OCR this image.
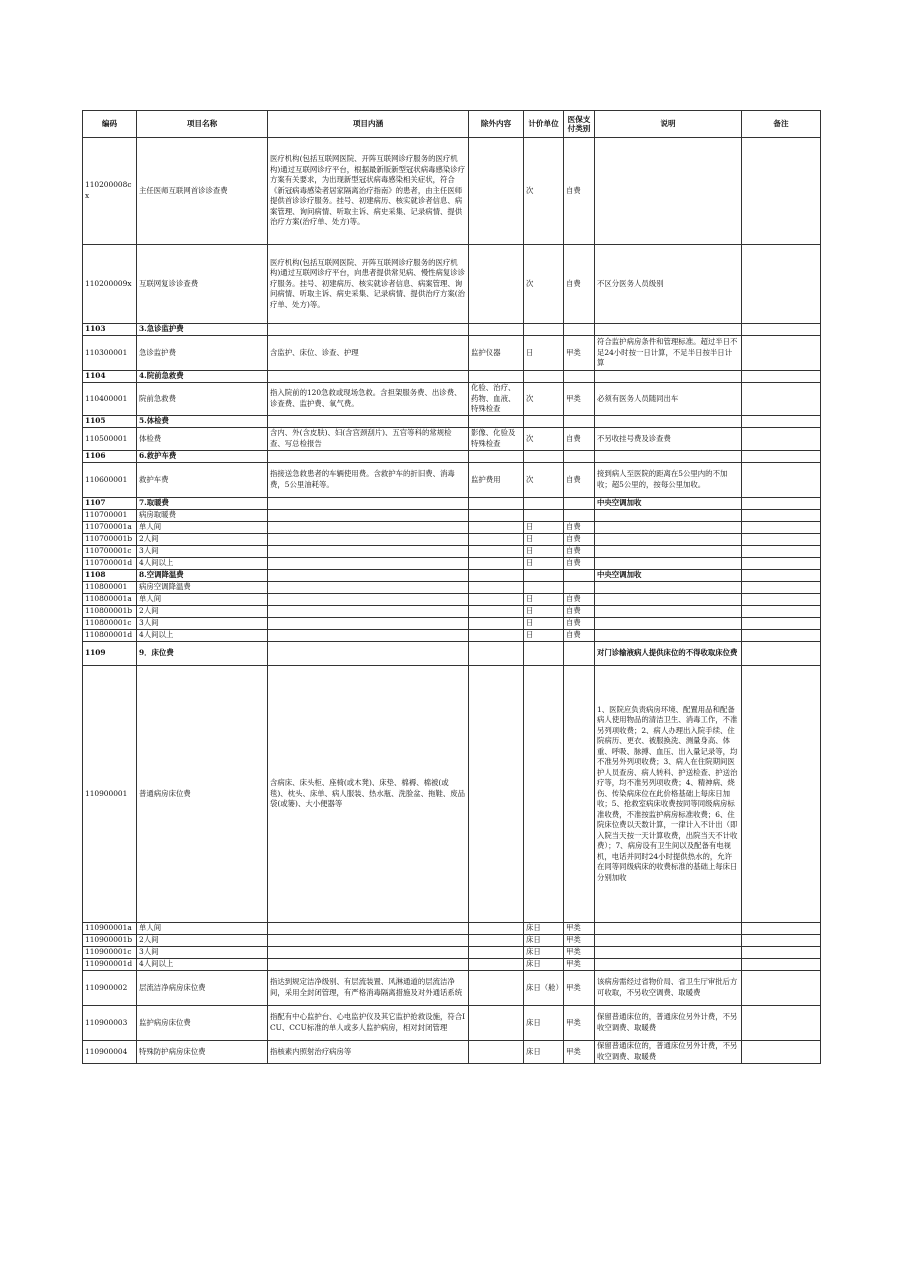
编码	项目名称	项目内涵	除外内容	计价单位	医保支付类别	说明	备注
110200008cx	主任医师互联网首诊诊查费	医疗机构(包括互联网医院、开阵互联网诊疗服务的医疗机构)通过互联网诊疗平台，根据最新版新型冠状病毒感染诊疗方案有关要求，为出现新型冠状病毒感染相关症状，符合《新冠病毒感染者居家隔离治疗指南》的患者，由主任医师提供首诊诊疗服务。挂号、初建病历、核实就诊者信息、病案管理、询问病情、听取主诉、病史采集、记录病情、提供治疗方案(治疗单、处方)等。		次	自费		
110200009x	互联网复诊诊查费	医疗机构(包括互联网医院、开阵互联网诊疗服务的医疗机构)通过互联网诊疗平台，向患者提供常见病、慢性病复诊诊疗服务。挂号、初建病历、核实就诊者信息、病案管理、询问病情、听取主诉、病史采集、记录病情、提供治疗方案(治疗单、处方)等。		次	自费	不区分医务人员级别	
1103	3.急诊监护费						
110300001	急诊监护费	含监护、床位、诊查、护理	监护仪器	日	甲类	符合监护病房条件和管理标准。超过半日不足24小时按一日计算，不足半日按半日计算	
1104	4.院前急救费						
110400001	院前急救费	指入院前的120急救或现场急救。含担架服务费、出诊费、诊查费、监护费、氧气费。	化验、治疗、药物、血液、特殊检查	次	甲类	必须有医务人员随同出车	
1105	5.体检费						
110500001	体检费	含内、外(含皮肤)、妇(含宫颈刮片)、五官等科的常规检查、写总检报告	影像、化验及特殊检查	次	自费	不另收挂号费及诊查费	
1106	6.救护车费						
110600001	救护车费	指接送急救患者的车辆使用费。含救护车的折旧费、消毒费，5公里油耗等。	监护费用	次	自费	接到病人至医院的距离在5公里内的不加收；超5公里的，按每公里加收。	
1107	7.取暖费					中央空调加收	
110700001	病房取暖费						
110700001a	单人间			日	自费		
110700001b	2人间			日	自费		
110700001c	3人间			日	自费		
110700001d	4人间以上			日	自费		
1108	8.空调降温费					中央空调加收	
110800001	病房空调降温费						
110800001a	单人间			日	自费		
110800001b	2人间			日	自费		
110800001c	3人间			日	自费		
110800001d	4人间以上			日	自费		
1109	9．床位费					对门诊输液病人提供床位的不得收取床位费	
110900001	普通病房床位费	含病床、床头柜、座椅(或木凳)、床垫、棉褥、棉被(或毯)、枕头、床单、病人服装、热水瓶、洗脸盆、拖鞋、废品袋(或篓)、大小便器等				1、医院应负责病房环境、配置用品和配备病人使用物品的清洁卫生、消毒工作，不准另列项收费；2、病人办理出入院手续、住院病历、更衣、被服换洗、测量身高、体重、呼吸、脉搏、血压、出入量记录等，均不准另外列项收费；3、病人在住院期间医护人员查房、病人转科、护送检查、护送治疗等，均不准另列项收费；4、精神病、烧伤、传染病床位在此价格基础上每床日加收；5、抢救室病床收费按同等同级病房标准收费，不准按监护病房标准收费；6、住院床位费以天数计算，一律计入不计出（即入院当天按一天计算收费，出院当天不计收费）；7、病房设有卫生间以及配备有电视机，电话并同时24小时提供热水的，允许在同等同级病床的收费标准的基础上每床日分别加收	
110900001a	单人间			床日	甲类		
110900001b	2人间			床日	甲类		
110900001c	3人间			床日	甲类		
110900001d	4人间以上			床日	甲类		
110900002	层流洁净病房床位费	指达到规定洁净级别、有层流装置、风淋通道的层流洁净间，采用全封闭管理，有严格消毒隔离措施及对外通话系统		床日（舱）	甲类	该病房需经过省物价局、省卫生厅审批后方可收取，不另收空调费、取暖费	
110900003	监护病房床位费	指配有中心监护台、心电监护仪及其它监护抢救设施，符合ICU、CCU标准的单人或多人监护病房，相对封闭管理		床日	甲类	保留普通床位的，普通床位另外计费，不另收空调费、取暖费	
110900004	特殊防护病房床位费	指核素内照射治疗病房等		床日	甲类	保留普通床位的，普通床位另外计费，不另收空调费、取暖费	
